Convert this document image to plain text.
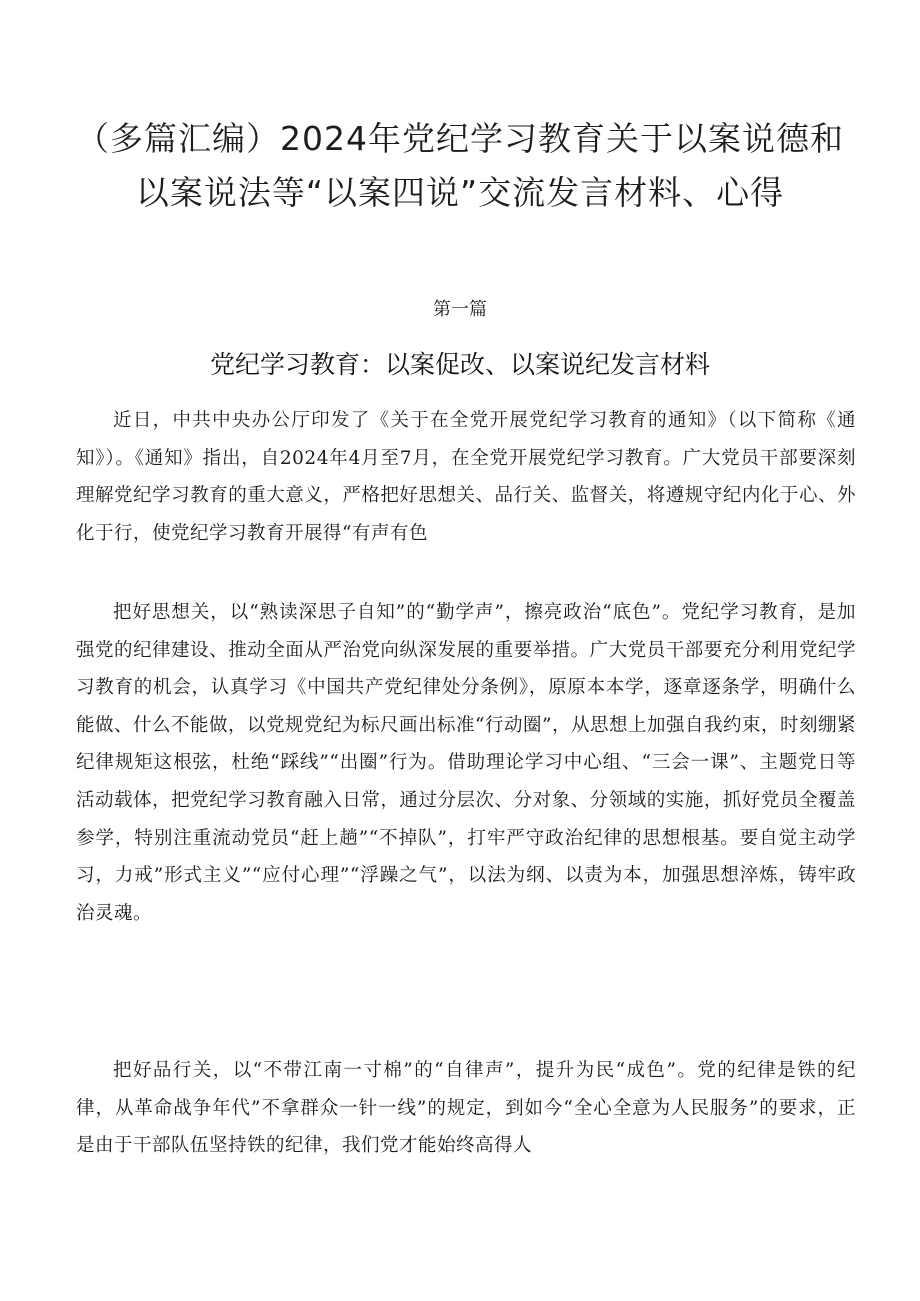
（多篇汇编）2024年党纪学习教育关于以案说德和
以案说法等“以案四说”交流发言材料、心得
第一篇
党纪学习教育：以案促改、以案说纪发言材料

近日，中共中央办公厅印发了《关于在全党开展党纪学习教育的通知》（以下简称《通知》）。《通知》指出，自2024年4月至7月，在全党开展党纪学习教育。广大党员干部要深刻理解党纪学习教育的重大意义，严格把好思想关、品行关、监督关，将遵规守纪内化于心、外化于行，使党纪学习教育开展得“有声有色

把好思想关，以“熟读深思子自知”的“勤学声”，擦亮政治“底色”。党纪学习教育，是加强党的纪律建设、推动全面从严治党向纵深发展的重要举措。广大党员干部要充分利用党纪学习教育的机会，认真学习《中国共产党纪律处分条例》，原原本本学，逐章逐条学，明确什么能做、什么不能做，以党规党纪为标尺画出标准“行动圈”，从思想上加强自我约束，时刻绷紧纪律规矩这根弦，杜绝“踩线”“出圈”行为。借助理论学习中心组、“三会一课”、主题党日等活动载体，把党纪学习教育融入日常，通过分层次、分对象、分领域的实施，抓好党员全覆盖参学，特别注重流动党员“赶上趟”“不掉队”，打牢严守政治纪律的思想根基。要自觉主动学习，力戒”形式主义”“应付心理”“浮躁之气”，以法为纲、以责为本，加强思想淬炼，铸牢政治灵魂。

把好品行关，以“不带江南一寸棉”的“自律声”，提升为民“成色”。党的纪律是铁的纪律，从革命战争年代”不拿群众一针一线”的规定，到如今“全心全意为人民服务”的要求，正是由于干部队伍坚持铁的纪律，我们党才能始终高得人
